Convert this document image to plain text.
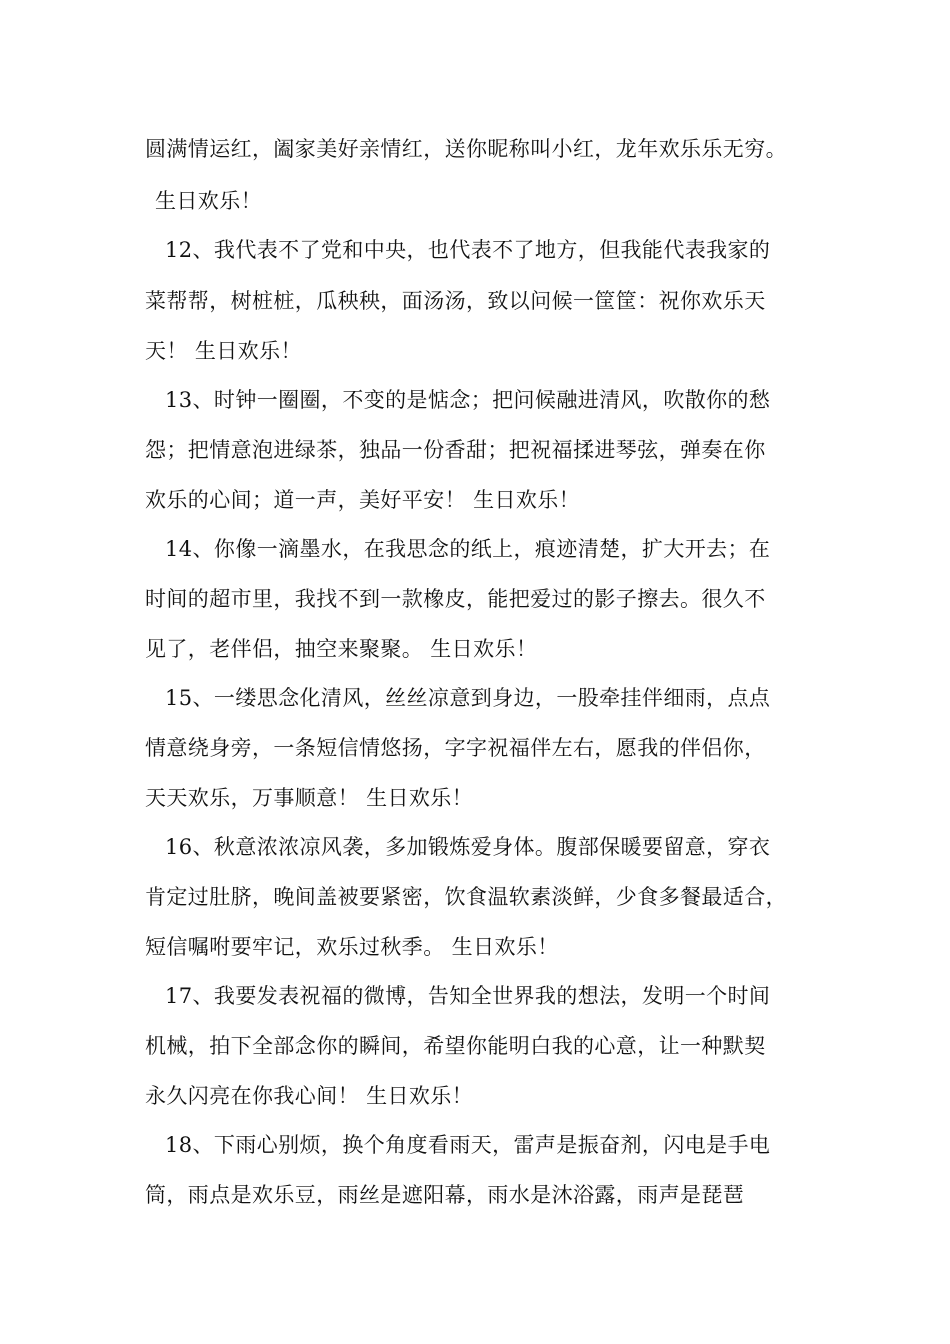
圆满情运红，阖家美好亲情红，送你昵称叫小红，龙年欢乐乐无穷。
生日欢乐！
12、我代表不了党和中央，也代表不了地方，但我能代表我家的
菜帮帮，树桩桩，瓜秧秧，面汤汤，致以问候一筐筐：祝你欢乐天
天！ 生日欢乐！
13、时钟一圈圈，不变的是惦念；把问候融进清风，吹散你的愁
怨；把情意泡进绿茶，独品一份香甜；把祝福揉进琴弦，弹奏在你
欢乐的心间；道一声，美好平安！ 生日欢乐！
14、你像一滴墨水，在我思念的纸上，痕迹清楚，扩大开去；在
时间的超市里，我找不到一款橡皮，能把爱过的影子擦去。很久不
见了，老伴侣，抽空来聚聚。 生日欢乐！
15、一缕思念化清风，丝丝凉意到身边，一股牵挂伴细雨，点点
情意绕身旁，一条短信情悠扬，字字祝福伴左右，愿我的伴侣你，
天天欢乐，万事顺意！ 生日欢乐！
16、秋意浓浓凉风袭，多加锻炼爱身体。腹部保暖要留意，穿衣
肯定过肚脐，晚间盖被要紧密，饮食温软素淡鲜，少食多餐最适合，
短信嘱咐要牢记，欢乐过秋季。 生日欢乐！
17、我要发表祝福的微博，告知全世界我的想法，发明一个时间
机械，拍下全部念你的瞬间，希望你能明白我的心意，让一种默契
永久闪亮在你我心间！ 生日欢乐！
18、下雨心别烦，换个角度看雨天，雷声是振奋剂，闪电是手电
筒，雨点是欢乐豆，雨丝是遮阳幕，雨水是沐浴露，雨声是琵琶
